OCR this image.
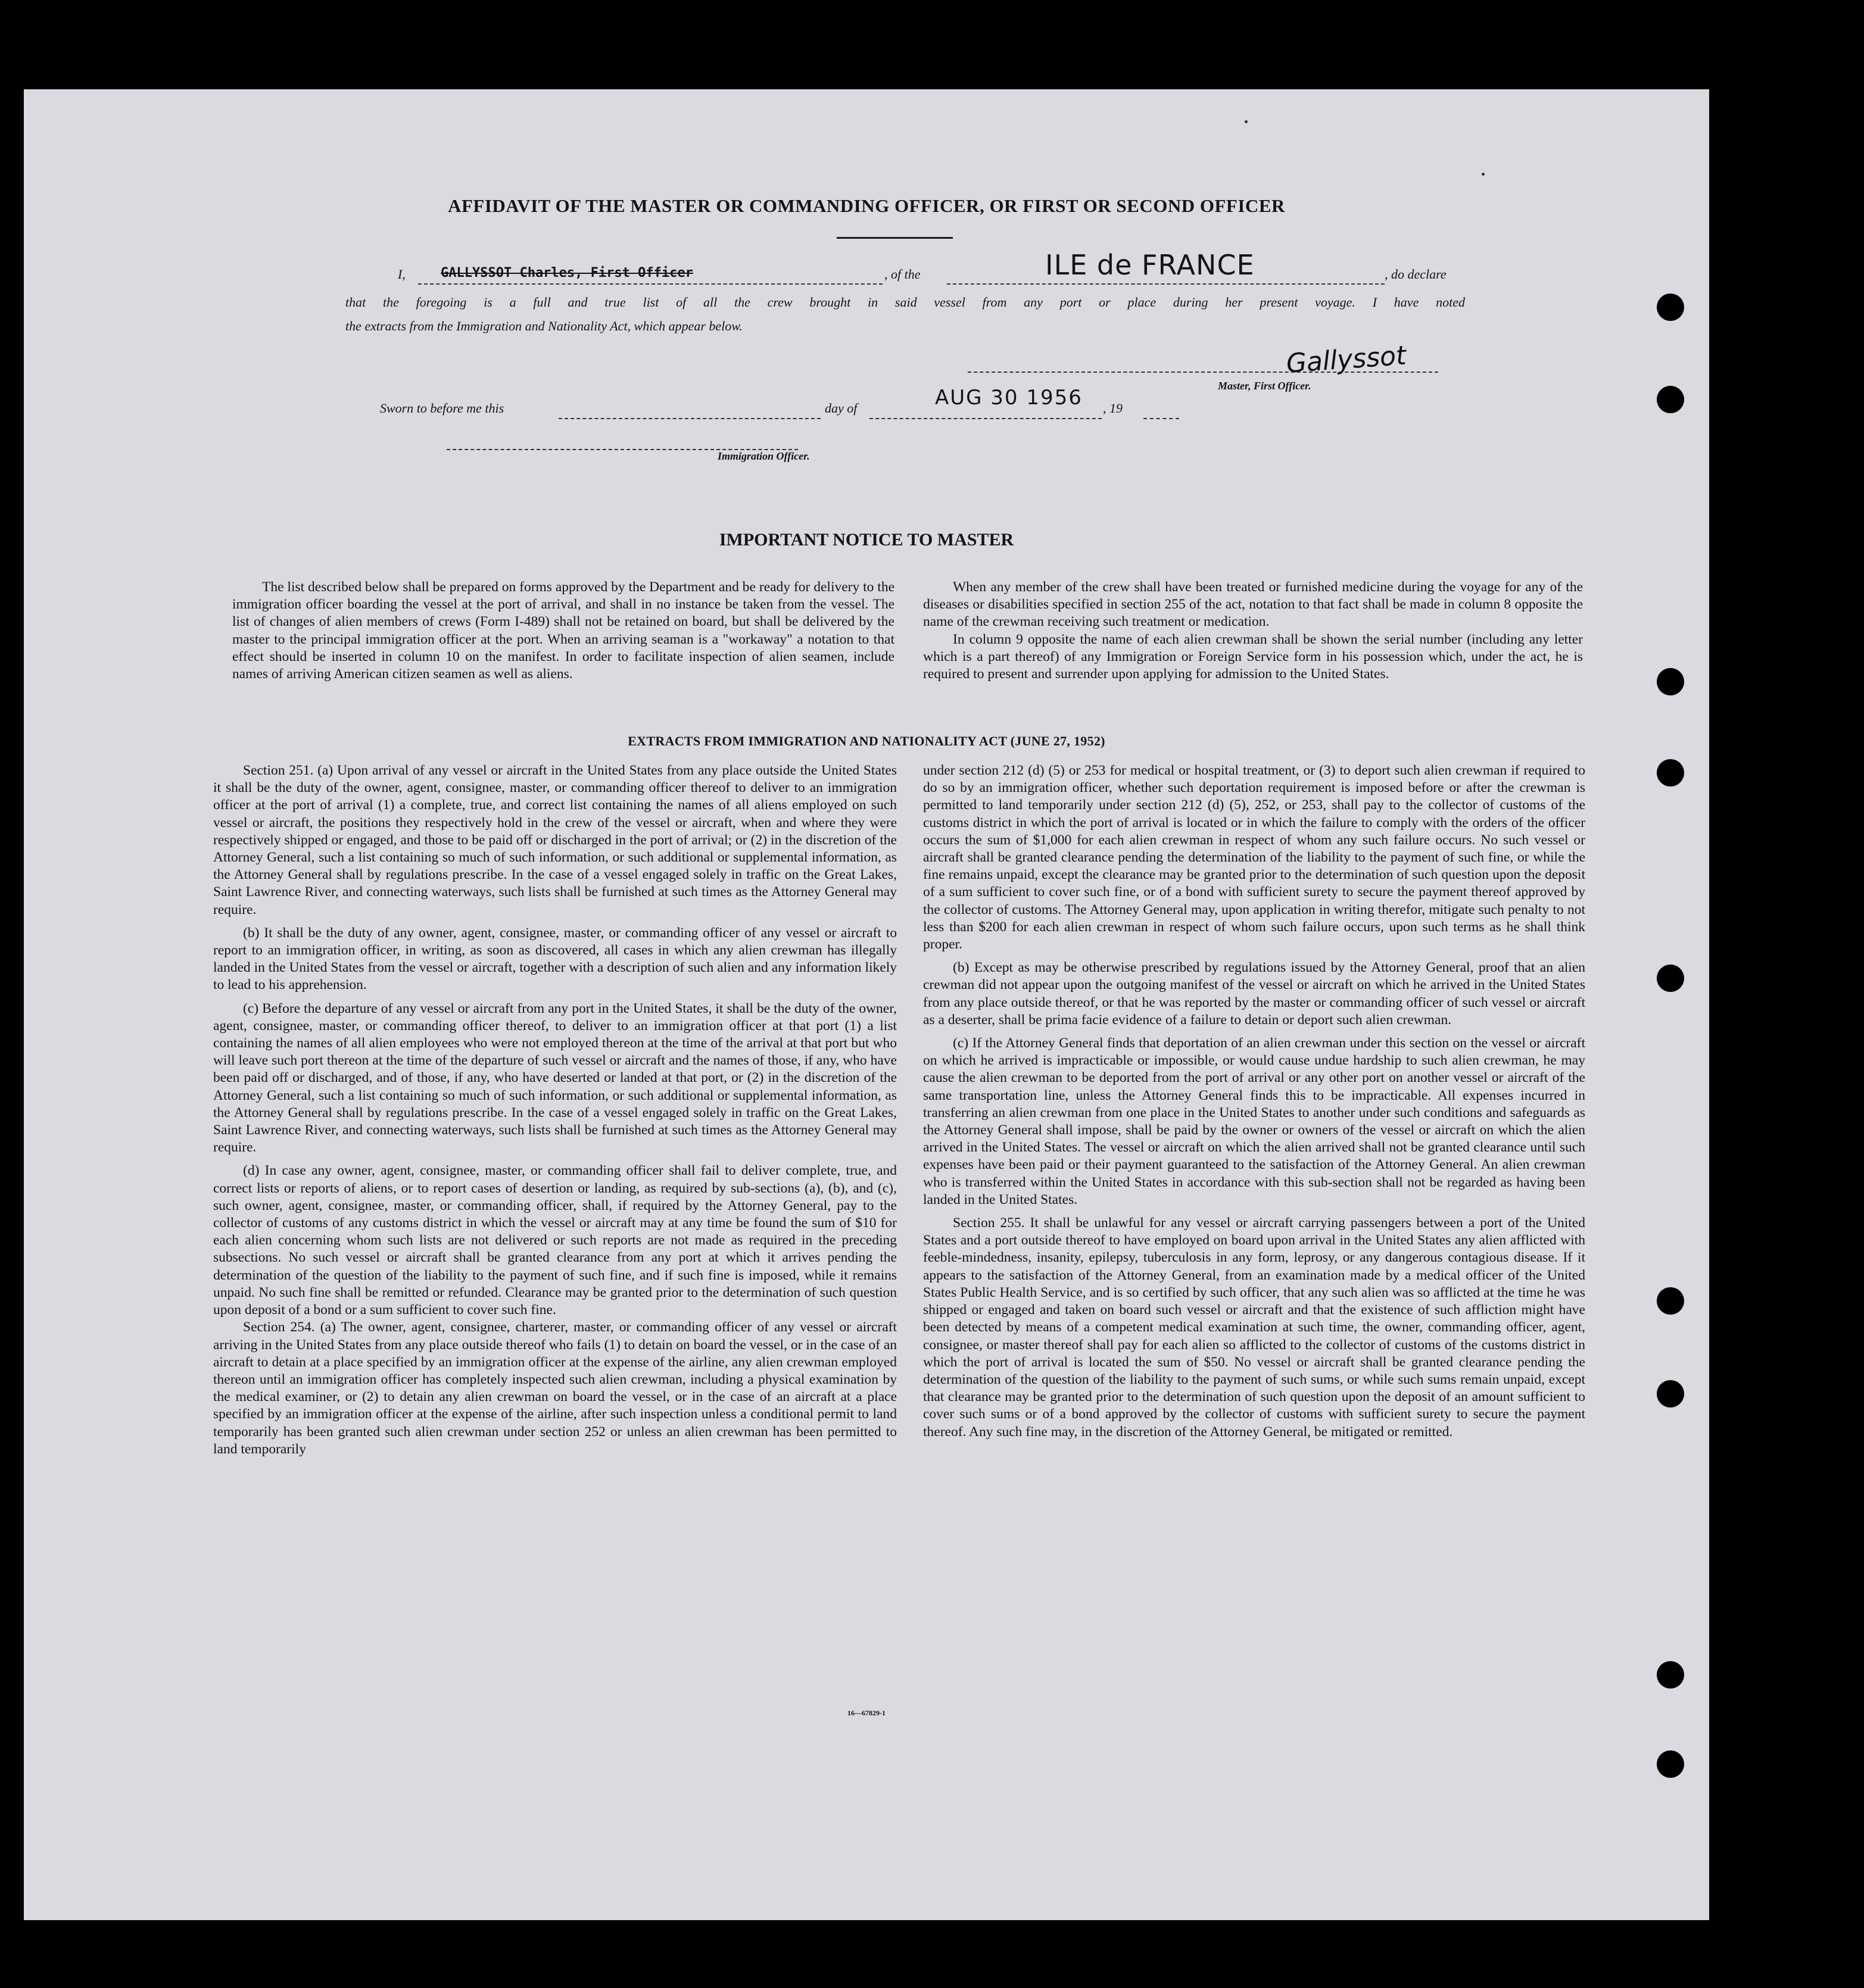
AFFIDAVIT OF THE MASTER OR COMMANDING OFFICER, OR FIRST OR SECOND OFFICER
I,	GALLYSSOT Charles, First Officer	, of the	ILE de FRANCE	, do declare
that the foregoing is a full and true list of all the crew brought in said vessel from any port or place during her present voyage. I have noted
the extracts from the Immigration and Nationality Act, which appear below.
Gallyssot
Master, First Officer.
Sworn to before me this	day of	AUG 30 1956 , 19
Immigration Officer.
IMPORTANT NOTICE TO MASTER

The list described below shall be prepared on forms approved by the Department and be ready for delivery to the immigration officer boarding the vessel at the port of arrival, and shall in no instance be taken from the vessel. The list of changes of alien members of crews (Form I-489) shall not be retained on board, but shall be delivered by the master to the principal immigration officer at the port. When an arriving seaman is a "workaway" a notation to that effect should be inserted in column 10 on the manifest. In order to facilitate inspection of alien seamen, include names of arriving American citizen seamen as well as aliens.

When any member of the crew shall have been treated or furnished medicine during the voyage for any of the diseases or disabilities specified in section 255 of the act, notation to that fact shall be made in column 8 opposite the name of the crewman receiving such treatment or medication.

In column 9 opposite the name of each alien crewman shall be shown the serial number (including any letter which is a part thereof) of any Immigration or Foreign Service form in his possession which, under the act, he is required to present and surrender upon applying for admission to the United States.

EXTRACTS FROM IMMIGRATION AND NATIONALITY ACT (JUNE 27, 1952)

Section 251. (a) Upon arrival of any vessel or aircraft in the United States from any place outside the United States it shall be the duty of the owner, agent, consignee, master, or commanding officer thereof to deliver to an immigration officer at the port of arrival (1) a complete, true, and correct list containing the names of all aliens employed on such vessel or aircraft, the positions they respectively hold in the crew of the vessel or aircraft, when and where they were respectively shipped or engaged, and those to be paid off or discharged in the port of arrival; or (2) in the discretion of the Attorney General, such a list containing so much of such information, or such additional or supplemental information, as the Attorney General shall by regulations prescribe. In the case of a vessel engaged solely in traffic on the Great Lakes, Saint Lawrence River, and connecting waterways, such lists shall be furnished at such times as the Attorney General may require.

(b) It shall be the duty of any owner, agent, consignee, master, or commanding officer of any vessel or aircraft to report to an immigration officer, in writing, as soon as discovered, all cases in which any alien crewman has illegally landed in the United States from the vessel or aircraft, together with a description of such alien and any information likely to lead to his apprehension.

(c) Before the departure of any vessel or aircraft from any port in the United States, it shall be the duty of the owner, agent, consignee, master, or commanding officer thereof, to deliver to an immigration officer at that port (1) a list containing the names of all alien employees who were not employed thereon at the time of the arrival at that port but who will leave such port thereon at the time of the departure of such vessel or aircraft and the names of those, if any, who have been paid off or discharged, and of those, if any, who have deserted or landed at that port, or (2) in the discretion of the Attorney General, such a list containing so much of such information, or such additional or supplemental information, as the Attorney General shall by regulations prescribe. In the case of a vessel engaged solely in traffic on the Great Lakes, Saint Lawrence River, and connecting waterways, such lists shall be furnished at such times as the Attorney General may require.

(d) In case any owner, agent, consignee, master, or commanding officer shall fail to deliver complete, true, and correct lists or reports of aliens, or to report cases of desertion or landing, as required by sub-sections (a), (b), and (c), such owner, agent, consignee, master, or commanding officer, shall, if required by the Attorney General, pay to the collector of customs of any customs district in which the vessel or aircraft may at any time be found the sum of $10 for each alien concerning whom such lists are not delivered or such reports are not made as required in the preceding subsections. No such vessel or aircraft shall be granted clearance from any port at which it arrives pending the determination of the question of the liability to the payment of such fine, and if such fine is imposed, while it remains unpaid. No such fine shall be remitted or refunded. Clearance may be granted prior to the determination of such question upon deposit of a bond or a sum sufficient to cover such fine.

Section 254. (a) The owner, agent, consignee, charterer, master, or commanding officer of any vessel or aircraft arriving in the United States from any place outside thereof who fails (1) to detain on board the vessel, or in the case of an aircraft to detain at a place specified by an immigration officer at the expense of the airline, any alien crewman employed thereon until an immigration officer has completely inspected such alien crewman, including a physical examination by the medical examiner, or (2) to detain any alien crewman on board the vessel, or in the case of an aircraft at a place specified by an immigration officer at the expense of the airline, after such inspection unless a conditional permit to land temporarily has been granted such alien crewman under section 252 or unless an alien crewman has been permitted to land temporarily

under section 212 (d) (5) or 253 for medical or hospital treatment, or (3) to deport such alien crewman if required to do so by an immigration officer, whether such deportation requirement is imposed before or after the crewman is permitted to land temporarily under section 212 (d) (5), 252, or 253, shall pay to the collector of customs of the customs district in which the port of arrival is located or in which the failure to comply with the orders of the officer occurs the sum of $1,000 for each alien crewman in respect of whom any such failure occurs. No such vessel or aircraft shall be granted clearance pending the determination of the liability to the payment of such fine, or while the fine remains unpaid, except the clearance may be granted prior to the determination of such question upon the deposit of a sum sufficient to cover such fine, or of a bond with sufficient surety to secure the payment thereof approved by the collector of customs. The Attorney General may, upon application in writing therefor, mitigate such penalty to not less than $200 for each alien crewman in respect of whom such failure occurs, upon such terms as he shall think proper.

(b) Except as may be otherwise prescribed by regulations issued by the Attorney General, proof that an alien crewman did not appear upon the outgoing manifest of the vessel or aircraft on which he arrived in the United States from any place outside thereof, or that he was reported by the master or commanding officer of such vessel or aircraft as a deserter, shall be prima facie evidence of a failure to detain or deport such alien crewman.

(c) If the Attorney General finds that deportation of an alien crewman under this section on the vessel or aircraft on which he arrived is impracticable or impossible, or would cause undue hardship to such alien crewman, he may cause the alien crewman to be deported from the port of arrival or any other port on another vessel or aircraft of the same transportation line, unless the Attorney General finds this to be impracticable. All expenses incurred in transferring an alien crewman from one place in the United States to another under such conditions and safeguards as the Attorney General shall impose, shall be paid by the owner or owners of the vessel or aircraft on which the alien arrived in the United States. The vessel or aircraft on which the alien arrived shall not be granted clearance until such expenses have been paid or their payment guaranteed to the satisfaction of the Attorney General. An alien crewman who is transferred within the United States in accordance with this sub-section shall not be regarded as having been landed in the United States.

Section 255. It shall be unlawful for any vessel or aircraft carrying passengers between a port of the United States and a port outside thereof to have employed on board upon arrival in the United States any alien afflicted with feeble-mindedness, insanity, epilepsy, tuberculosis in any form, leprosy, or any dangerous contagious disease. If it appears to the satisfaction of the Attorney General, from an examination made by a medical officer of the United States Public Health Service, and is so certified by such officer, that any such alien was so afflicted at the time he was shipped or engaged and taken on board such vessel or aircraft and that the existence of such affliction might have been detected by means of a competent medical examination at such time, the owner, commanding officer, agent, consignee, or master thereof shall pay for each alien so afflicted to the collector of customs of the customs district in which the port of arrival is located the sum of $50. No vessel or aircraft shall be granted clearance pending the determination of the question of the liability to the payment of such sums, or while such sums remain unpaid, except that clearance may be granted prior to the determination of such question upon the deposit of an amount sufficient to cover such sums or of a bond approved by the collector of customs with sufficient surety to secure the payment thereof. Any such fine may, in the discretion of the Attorney General, be mitigated or remitted.

16—67829-1
